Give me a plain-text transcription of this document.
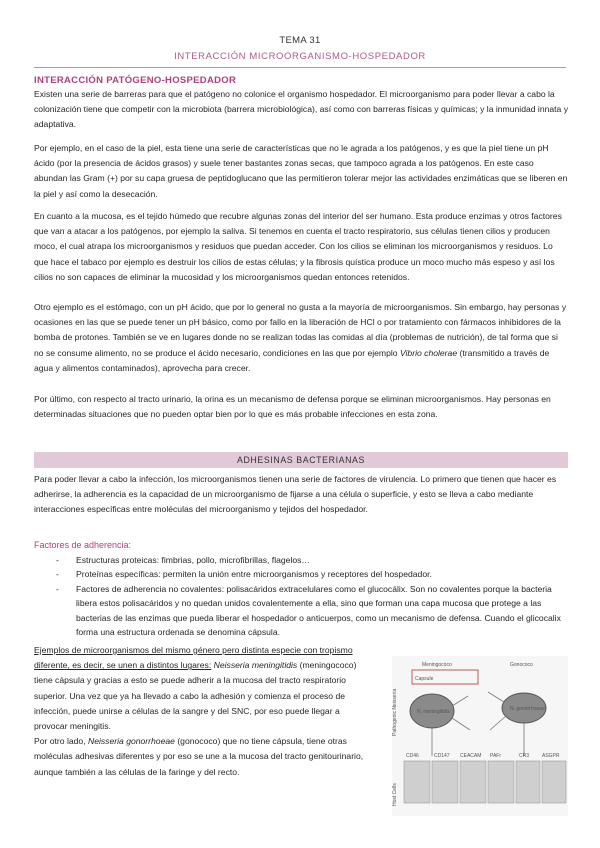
TEMA 31
INTERACCIÓN MICROORGANISMO-HOSPEDADOR
INTERACCIÓN PATÓGENO-HOSPEDADOR
Existen una serie de barreras para que el patógeno no colonice el organismo hospedador. El microorganismo para poder llevar a cabo la colonización tiene que competir con la microbiota (barrera microbiológica), así como con barreras físicas y químicas; y la inmunidad innata y adaptativa.
Por ejemplo, en el caso de la piel, esta tiene una serie de características que no le agrada a los patógenos, y es que la piel tiene un pH ácido (por la presencia de ácidos grasos) y suele tener bastantes zonas secas, que tampoco agrada a los patógenos. En este caso abundan las Gram (+) por su capa gruesa de peptidoglucano que las permitieron tolerar mejor las actividades enzimáticas que se liberen en la piel y así como la desecación.
En cuanto a la mucosa, es el tejido húmedo que recubre algunas zonas del interior del ser humano. Esta produce enzimas y otros factores que van a atacar a los patógenos, por ejemplo la saliva. Si tenemos en cuenta el tracto respiratorio, sus células tienen cilios y producen moco, el cual atrapa los microorganismos y residuos que puedan acceder. Con los cilios se eliminan los microorganismos y residuos. Lo que hace el tabaco por ejemplo es destruir los cilios de estas células; y la fibrosis quística produce un moco mucho más espeso y así los cilios no son capaces de eliminar la mucosidad y los microorganismos quedan entonces retenidos.
Otro ejemplo es el estómago, con un pH ácido, que por lo general no gusta a la mayoría de microorganismos. Sin embargo, hay personas y ocasiones en las que se puede tener un pH básico, como por fallo en la liberación de HCl o por tratamiento con fármacos inhibidores de la bomba de protones. También se ve en lugares donde no se realizan todas las comidas al día (problemas de nutrición), de tal forma que si no se consume alimento, no se produce el ácido necesario, condiciones en las que por ejemplo Vibrio cholerae (transmitido a través de agua y alimentos contaminados), aprovecha para crecer.
Por último, con respecto al tracto urinario, la orina es un mecanismo de defensa porque se eliminan microorganismos. Hay personas en determinadas situaciones que no pueden optar bien por lo que es más probable infecciones en esta zona.
ADHESINAS BACTERIANAS
Para poder llevar a cabo la infección, los microorganismos tienen una serie de factores de virulencia. Lo primero que tienen que hacer es adherirse, la adherencia es la capacidad de un microorganismo de fijarse a una célula o superficie, y esto se lleva a cabo mediante interacciones específicas entre moléculas del microorganismo y tejidos del hospedador.
Factores de adherencia:
- Estructuras proteicas: fimbrias, pollo, microfibrillas, flagelos…
- Proteínas específicas: permiten la unión entre microorganismos y receptores del hospedador.
- Factores de adherencia no covalentes: polisacáridos extracelulares como el glucocálix. Son no covalentes porque la bacteria libera estos polisacáridos y no quedan unidos covalentemente a ella, sino que forman una capa mucosa que protege a las bacterias de las enzimas que pueda liberar el hospedador o anticuerpos, como un mecanismo de defensa. Cuando el glicocalix forma una estructura ordenada se denomina cápsula.
Ejemplos de microorganismos del mismo género pero distinta especie con tropismo diferente, es decir, se unen a distintos lugares: Neisseria meningitidis (meningococo) tiene cápsula y gracias a esto se puede adherir a la mucosa del tracto respiratorio superior. Una vez que ya ha llevado a cabo la adhesión y comienza el proceso de infección, puede unirse a células de la sangre y del SNC, por eso puede llegar a provocar meningitis.
Por otro lado, Neisseria gonorrhoeae (gonococo) que no tiene cápsula, tiene otras moléculas adhesivas diferentes y por eso se une a la mucosa del tracto genitourinario, aunque también a las células de la faringe y del recto.
Meningococo	Gonococo
Pathogenic Neisseria
Host Cells
Capsule
N. meningitidis	N. gonorrhoeae
CD46	CD147 CEACAM PAFr	CR3	ASGPR
